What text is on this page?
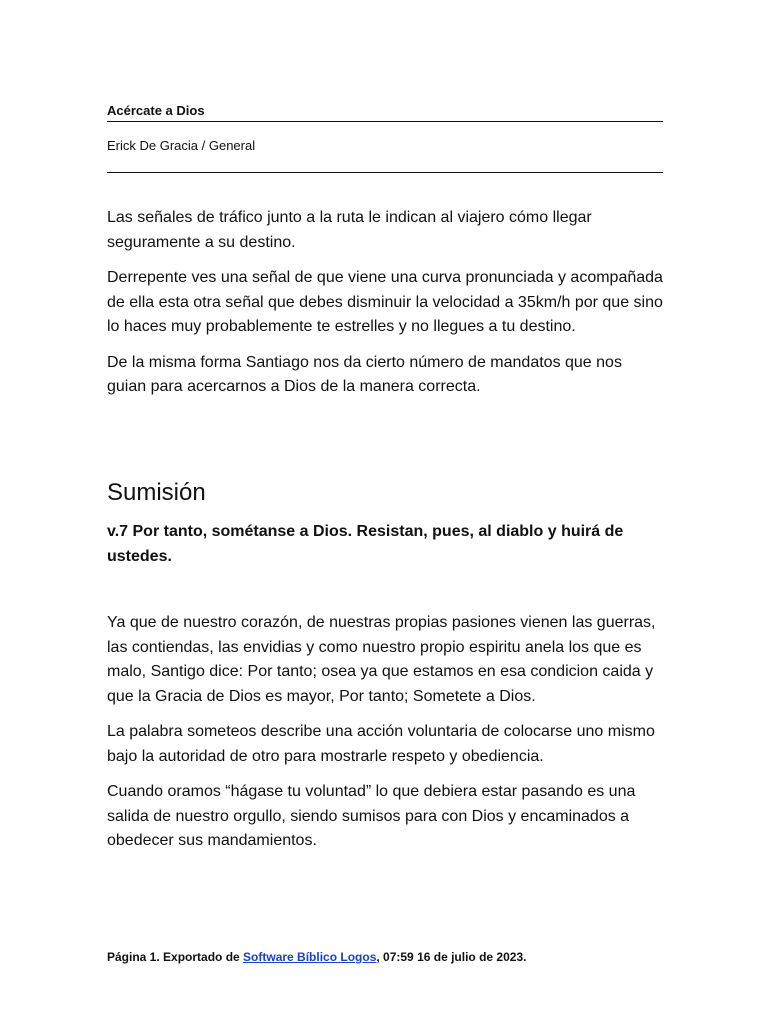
Acércate a Dios
Erick De Gracia / General

Las señales de tráfico junto a la ruta le indican al viajero cómo llegar seguramente a su destino.

Derrepente ves una señal de que viene una curva pronunciada y acompañada de ella esta otra señal que debes disminuir la velocidad a 35km/h por que sino lo haces muy probablemente te estrelles y no llegues a tu destino.

De la misma forma Santiago nos da cierto número de mandatos que nos guian para acercarnos a Dios de la manera correcta.

Sumisión

v.7 Por tanto, sométanse a Dios. Resistan, pues, al diablo y huirá de ustedes.

Ya que de nuestro corazón, de nuestras propias pasiones vienen las guerras, las contiendas, las envidias y como nuestro propio espiritu anela los que es malo, Santigo dice: Por tanto; osea ya que estamos en esa condicion caida y que la Gracia de Dios es mayor, Por tanto; Sometete a Dios.

La palabra someteos describe una acción voluntaria de colocarse uno mismo bajo la autoridad de otro para mostrarle respeto y obediencia.

Cuando oramos “hágase tu voluntad” lo que debiera estar pasando es una salida de nuestro orgullo, siendo sumisos para con Dios y encaminados a obedecer sus mandamientos.

Página 1. Exportado de Software Bíblico Logos, 07:59 16 de julio de 2023.
